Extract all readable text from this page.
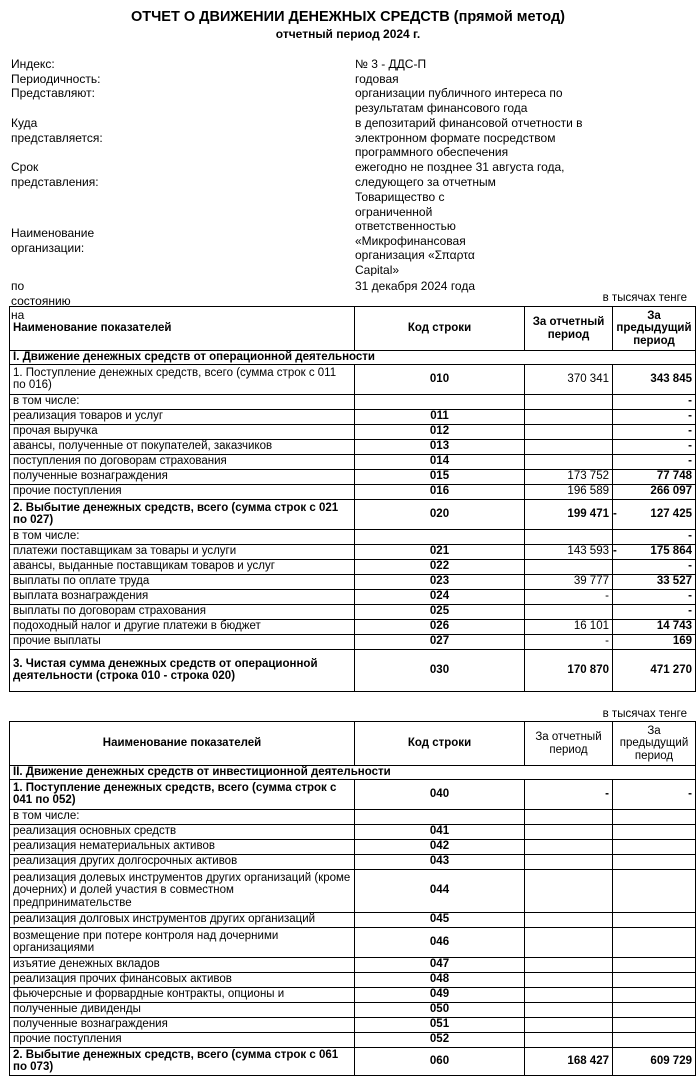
ОТЧЕТ О ДВИЖЕНИИ ДЕНЕЖНЫХ СРЕДСТВ (прямой метод)
отчетный период 2024 г.
Индекс:	№ 3 - ДДС-П
Периодичность:	годовая
Представляют:	организации публичного интереса по результатам финансового года
Куда представляется:
в депозитарий финансовой отчетности в электронном формате посредством программного обеспечения
Срок представления:
ежегодно не позднее 31 августа года, следующего за отчетным
Наименование организации:
Товарищество с ограниченной ответственностью «Микрофинансовая организация «Σπαρτα Capital»
по состоянию на
31 декабря 2024 года
в тысячах тенге
Наименование показателей	Код строки	За отчетный период	За предыдущий период

I. Движение денежных средств от операционной деятельности			

1. Поступление денежных средств, всего (сумма строк с 011 по 016)	010	370 341	343 845

в том числе:			-

реализация товаров и услуг	011		-

прочая выручка	012		-

авансы, полученные от покупателей, заказчиков	013		-

поступления по договорам страхования	014		-

полученные вознаграждения	015	173 752	77 748

прочие поступления	016	196 589	266 097

2. Выбытие денежных средств, всего (сумма строк с 021 по 027)	020	199 471	- 127 425

в том числе:			-

платежи поставщикам за товары и услуги	021	143 593	- 175 864

авансы, выданные поставщикам товаров и услуг	022		-

выплаты по оплате труда	023	39 777	33 527

выплата вознаграждения	024	-	-

выплаты по договорам страхования	025		-

подоходный налог и другие платежи в бюджет	026	16 101	14 743

прочие выплаты	027	-	169

3. Чистая сумма денежных средств от операционной деятельности (строка 010 - строка 020)	030	170 870	471 270
в тысячах тенге
Наименование показателей	Код строки	За отчетный период	За предыдущий период

II. Движение денежных средств от инвестиционной деятельности			

1. Поступление денежных средств, всего (сумма строк с 041 по 052)	040	-	-

в том числе:			

реализация основных средств	041		

реализация нематериальных активов	042		

реализация других долгосрочных активов	043		

реализация долевых инструментов других организаций (кроме дочерних) и долей участия в совместном предпринимательстве	044		

реализация долговых инструментов других организаций	045		

возмещение при потере контроля над дочерними организациями	046		

изъятие денежных вкладов	047		

реализация прочих финансовых активов	048		

фьючерсные и форвардные контракты, опционы и	049		

полученные дивиденды	050		

полученные вознаграждения	051		

прочие поступления	052		

2. Выбытие денежных средств, всего (сумма строк с 061 по 073)	060	168 427	609 729
